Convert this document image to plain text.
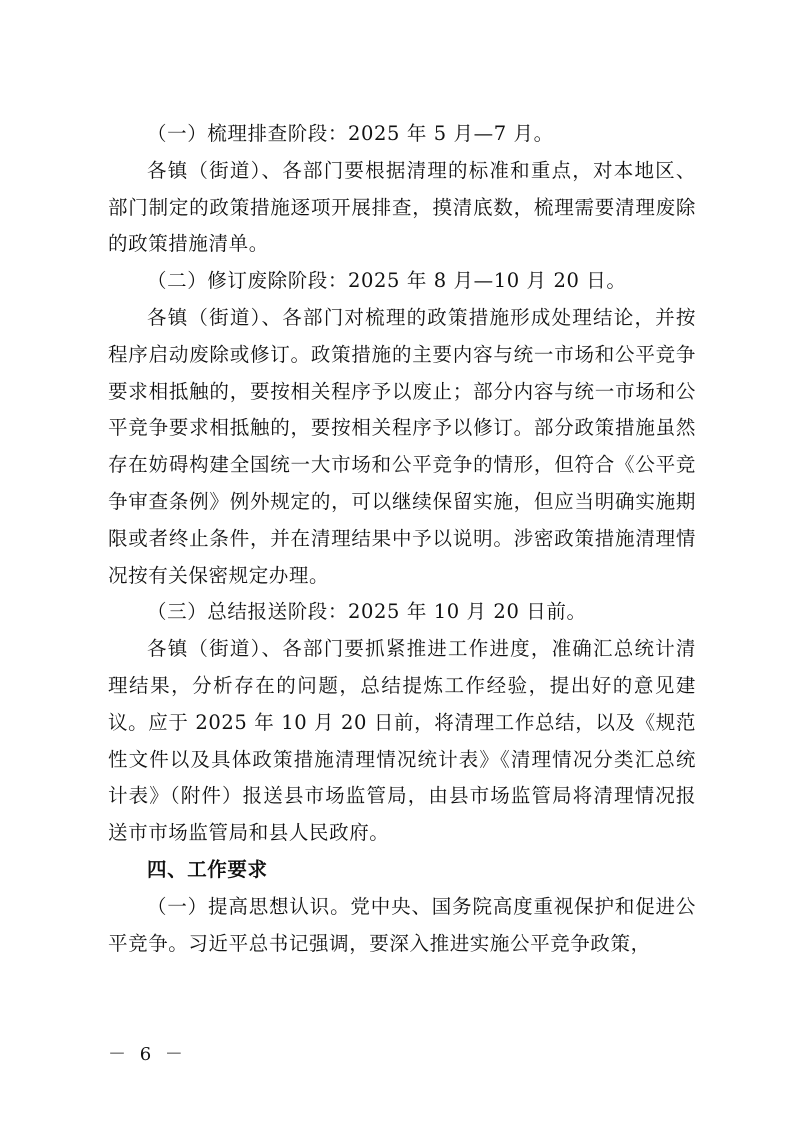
（一）梳理排查阶段：2025 年 5 月—7 月。

各镇（街道）、各部门要根据清理的标准和重点，对本地区、部门制定的政策措施逐项开展排查，摸清底数，梳理需要清理废除的政策措施清单。

（二）修订废除阶段：2025 年 8 月—10 月 20 日。

各镇（街道）、各部门对梳理的政策措施形成处理结论，并按程序启动废除或修订。政策措施的主要内容与统一市场和公平竞争要求相抵触的，要按相关程序予以废止；部分内容与统一市场和公平竞争要求相抵触的，要按相关程序予以修订。部分政策措施虽然存在妨碍构建全国统一大市场和公平竞争的情形，但符合《公平竞争审查条例》例外规定的，可以继续保留实施，但应当明确实施期限或者终止条件，并在清理结果中予以说明。涉密政策措施清理情况按有关保密规定办理。

（三）总结报送阶段：2025 年 10 月 20 日前。

各镇（街道）、各部门要抓紧推进工作进度，准确汇总统计清理结果，分析存在的问题，总结提炼工作经验，提出好的意见建议。应于 2025 年 10 月 20 日前，将清理工作总结，以及《规范性文件以及具体政策措施清理情况统计表》《清理情况分类汇总统计表》（附件）报送县市场监管局，由县市场监管局将清理情况报送市市场监管局和县人民政府。

四、工作要求

（一）提高思想认识。党中央、国务院高度重视保护和促进公平竞争。习近平总书记强调，要深入推进实施公平竞争政策，

－ 6 －
